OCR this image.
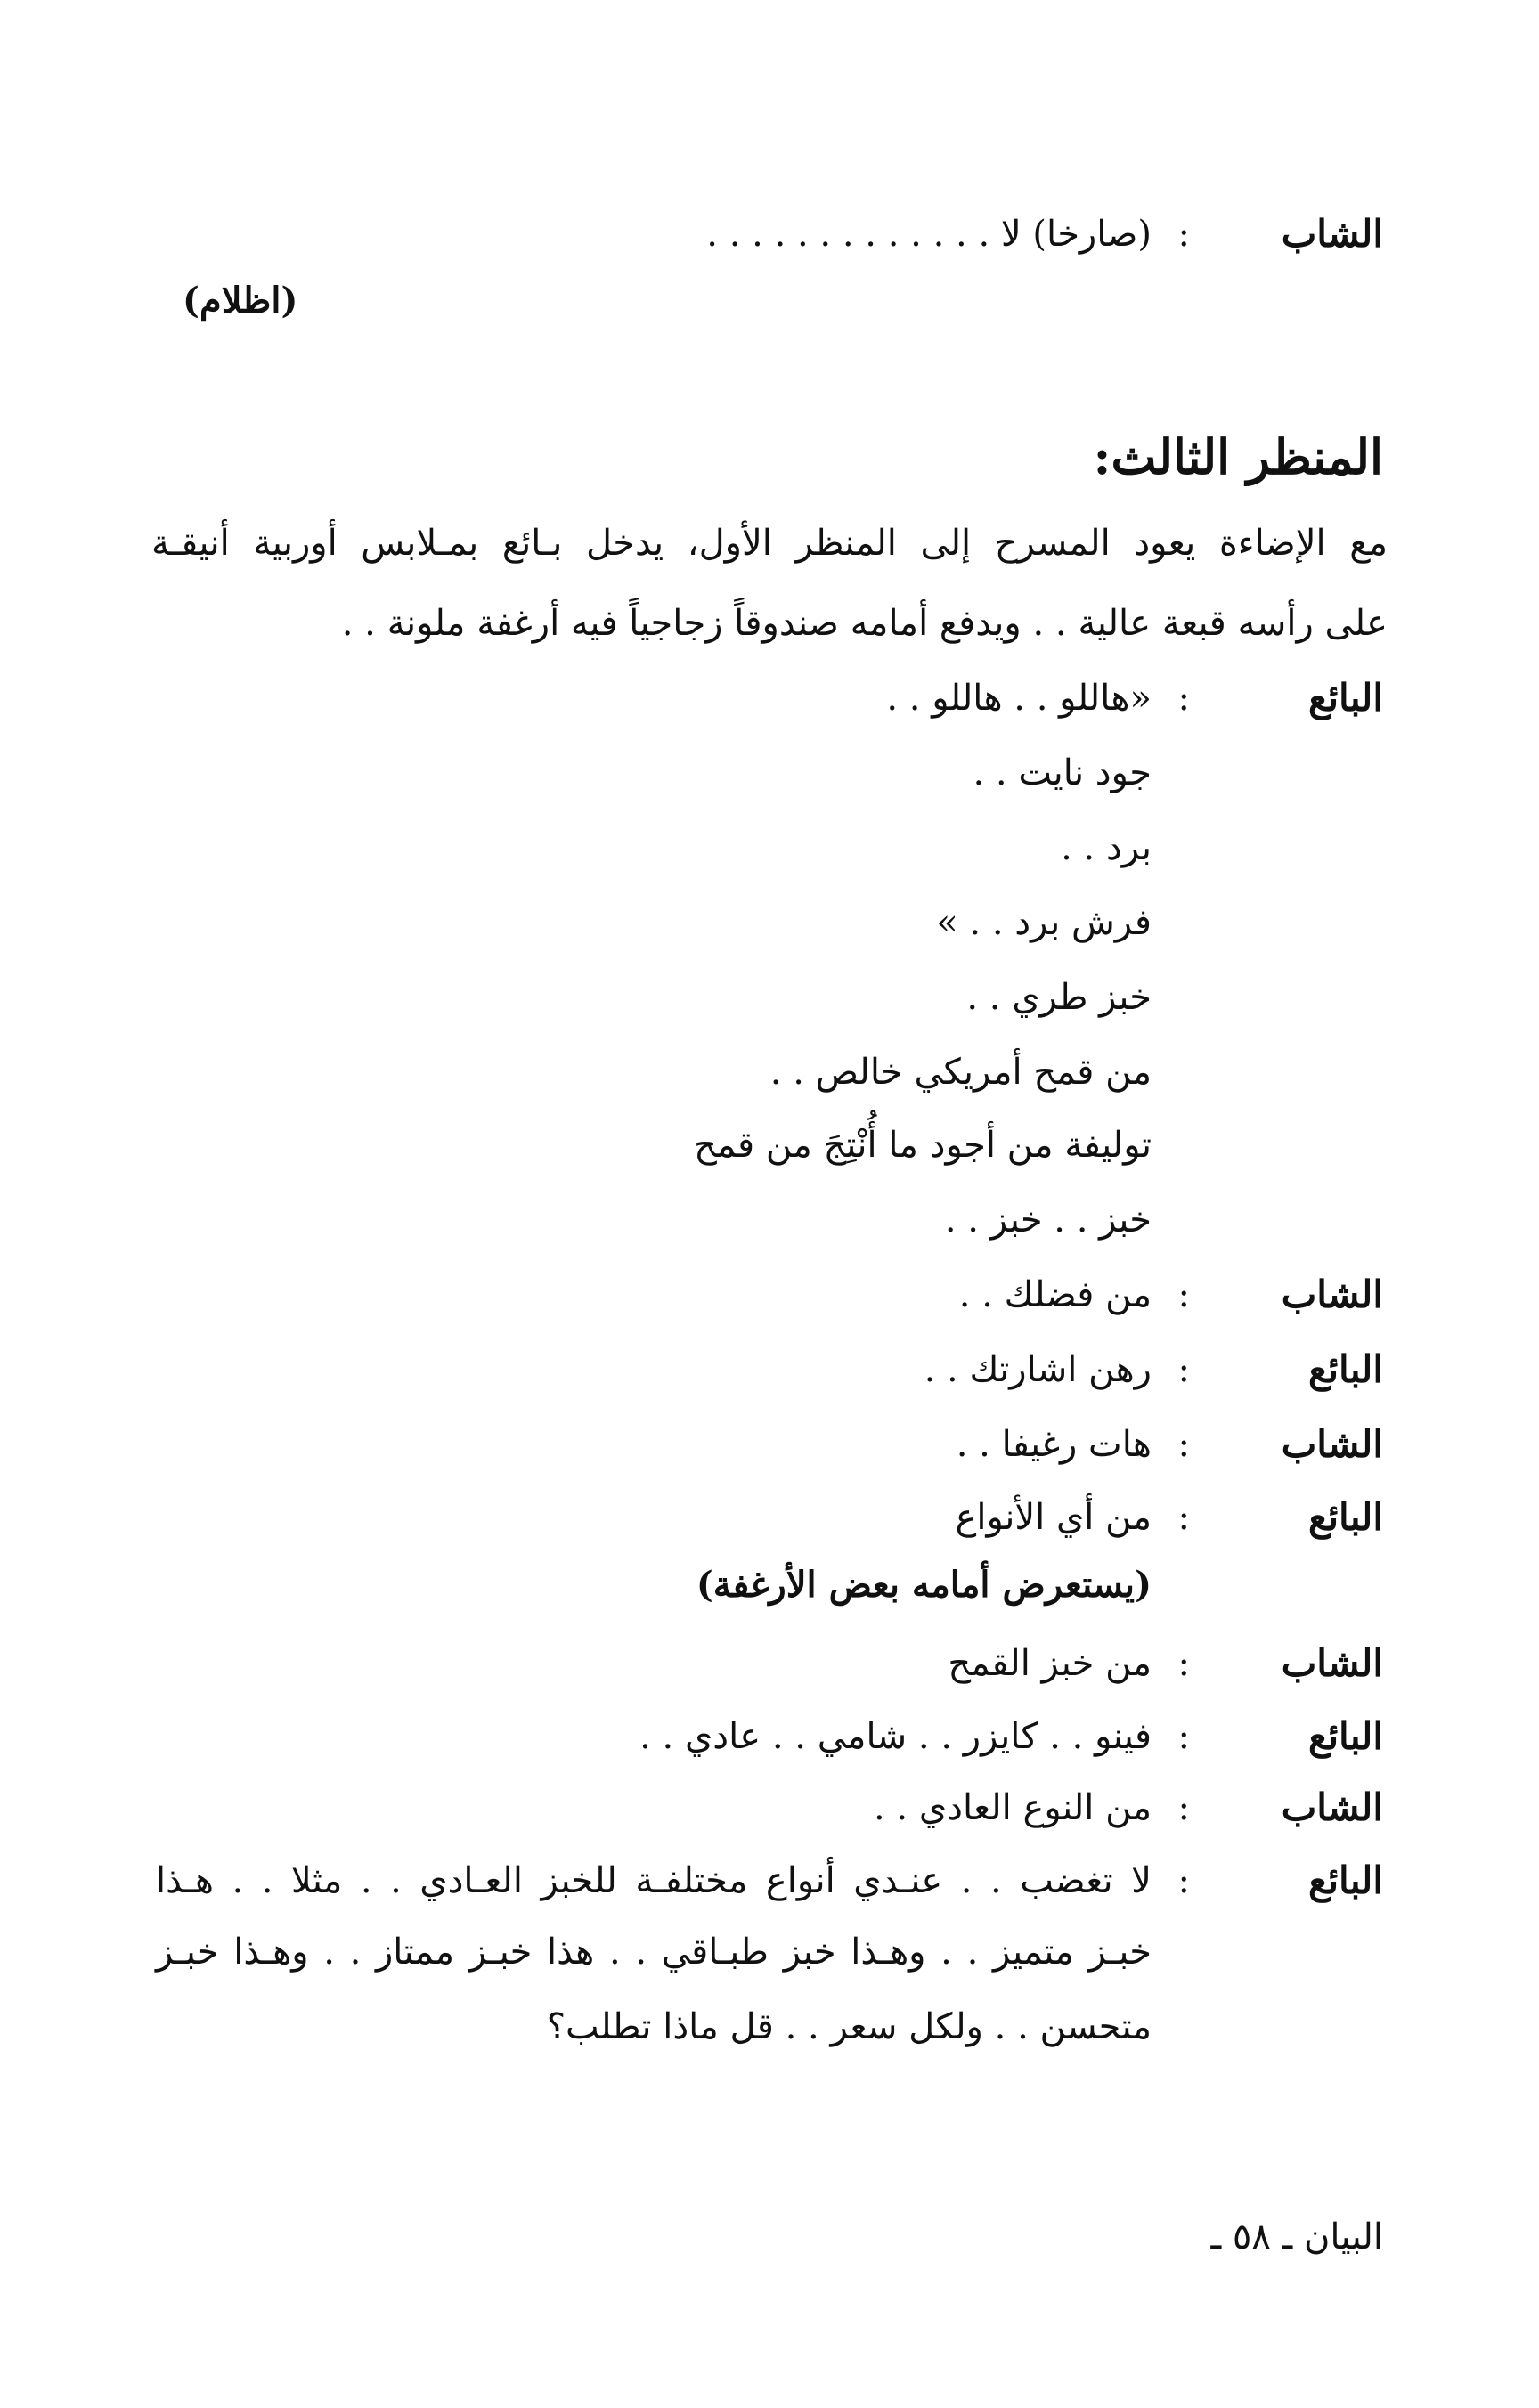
الشاب
:
(صارخا) لا . . . . . . . . . . . . .
(اظلام)
المنظر الثالث:
مع الإضاءة يعود المسرح إلى المنظر الأول، يدخل بـائع بمـلابس أوربية أنيقـة
على رأسه قبعة عالية . . ويدفع أمامه صندوقاً زجاجياً فيه أرغفة ملونة . .
البائع
:
«هاللو . . هاللو . .
جود نايت . .
برد . .
فرش برد . . »
خبز طري . .
من قمح أمريكي خالص . .
توليفة من أجود ما أُنْتِجَ من قمح
خبز . . خبز . .
الشاب
:
من فضلك . .
البائع
:
رهن اشارتك . .
الشاب
:
هات رغيفا . .
البائع
:
من أي الأنواع
(يستعرض أمامه بعض الأرغفة)
الشاب
:
من خبز القمح
البائع
:
فينو . . كايزر . . شامي . . عادي . .
الشاب
:
من النوع العادي . .
البائع
:
لا تغضب . . عنـدي أنواع مختلفـة للخبز العـادي . . مثلا . . هـذا
خبـز متميز . . وهـذا خبز طبـاقي . . هذا خبـز ممتاز . . وهـذا خبـز
متحسن . . ولكل سعر . . قل ماذا تطلب؟
البيان ـ ٥٨ ـ
